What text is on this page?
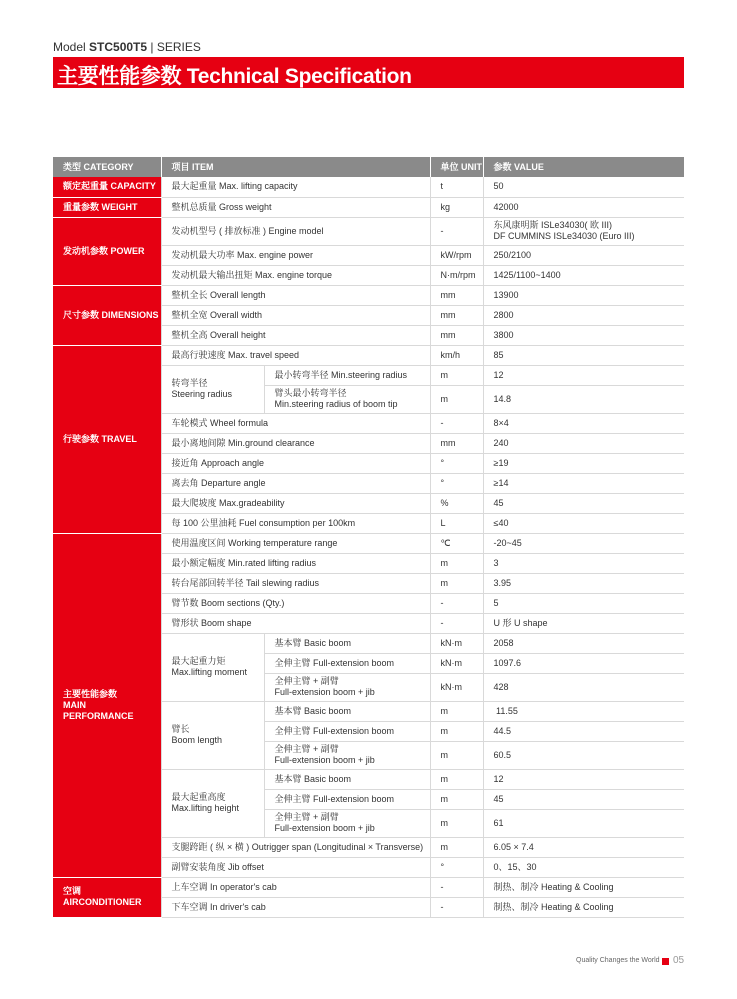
Model STC500T5 | SERIES
主要性能参数 Technical Specification
类型 CATEGORY	项目 ITEM		单位 UNIT	参数 VALUE
额定起重量 CAPACITY	最大起重量 Max. lifting capacity		t	50
重量参数 WEIGHT	整机总质量 Gross weight		kg	42000
发动机参数 POWER	发动机型号 ( 排放标准 ) Engine model		-	东风康明斯 ISLe34030( 欧 III)
DF CUMMINS ISLe34030 (Euro III)
	发动机最大功率 Max. engine power		kW/rpm	250/2100
	发动机最大输出扭矩 Max. engine torque		N·m/rpm	1425/1100~1400
尺寸参数 DIMENSIONS	整机全长 Overall length		mm	13900
	整机全宽 Overall width		mm	2800
	整机全高 Overall height		mm	3800
行驶参数 TRAVEL	最高行驶速度 Max. travel speed		km/h	85
	转弯半径
Steering radius	最小转弯半径 Min.steering radius	m	12
		臂头最小转弯半径
Min.steering radius of boom tip	m	14.8
	车轮模式 Wheel formula		-	8×4
	最小离地间隙 Min.ground clearance		mm	240
	接近角 Approach angle		°	≥19
	离去角 Departure angle		°	≥14
	最大爬坡度 Max.gradeability		%	45
	每 100 公里油耗 Fuel consumption per 100km		L	≤40
主要性能参数
MAIN
PERFORMANCE	使用温度区间 Working temperature range		℃	-20~45
	最小额定幅度 Min.rated lifting radius		m	3
	转台尾部回转半径 Tail slewing radius		m	3.95
	臂节数 Boom sections (Qty.)		-	5
	臂形状 Boom shape		-	U 形 U shape
	最大起重力矩
Max.lifting moment	基本臂 Basic boom	kN·m	2058
		全伸主臂 Full-extension boom	kN·m	1097.6
		全伸主臂 + 副臂
Full-extension boom + jib	kN·m	428
	臂长
Boom length	基本臂 Basic boom	m	11.55
		全伸主臂 Full-extension boom	m	44.5
		全伸主臂 + 副臂
Full-extension boom + jib	m	60.5
	最大起重高度
Max.lifting height	基本臂 Basic boom	m	12
		全伸主臂 Full-extension boom	m	45
		全伸主臂 + 副臂
Full-extension boom + jib	m	61
	支腿跨距 ( 纵 × 横 ) Outrigger span (Longitudinal × Transverse)		m	6.05 × 7.4
	副臂安装角度 Jib offset		°	0、15、30
空调
AIRCONDITIONER	上车空调 In operator's cab		-	制热、制冷 Heating & Cooling
	下车空调 In driver's cab		-	制热、制冷 Heating & Cooling
Quality Changes the World 05
